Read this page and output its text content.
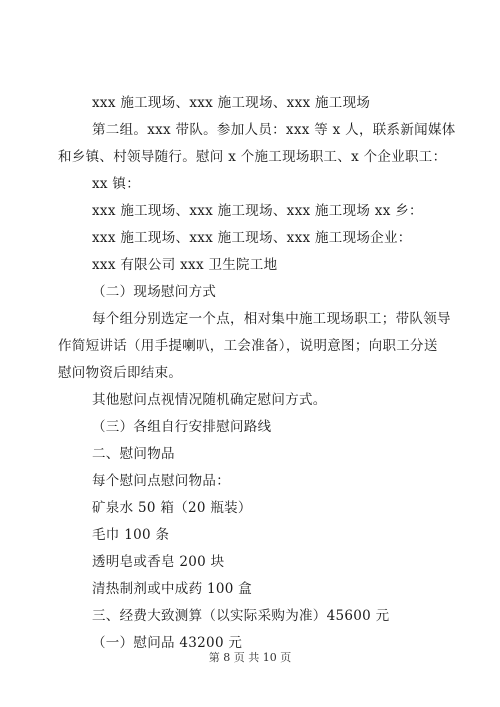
xxx 施工现场、xxx 施工现场、xxx 施工现场
第二组。xxx 带队。参加人员：xxx 等 x 人，联系新闻媒体
和乡镇、村领导随行。慰问 x 个施工现场职工、x 个企业职工：
xx 镇：
xxx 施工现场、xxx 施工现场、xxx 施工现场 xx 乡：
xxx 施工现场、xxx 施工现场、xxx 施工现场企业：
xxx 有限公司 xxx 卫生院工地
（二）现场慰问方式
每个组分别选定一个点，相对集中施工现场职工；带队领导
作简短讲话（用手提喇叭，工会准备），说明意图；向职工分送
慰问物资后即结束。
其他慰问点视情况随机确定慰问方式。
（三）各组自行安排慰问路线
二、慰问物品
每个慰问点慰问物品：
矿泉水 50 箱（20 瓶装）
毛巾 100 条
透明皂或香皂 200 块
清热制剂或中成药 100 盒
三、经费大致测算（以实际采购为准）45600 元
（一）慰问品 43200 元
第 8 页 共 10 页
